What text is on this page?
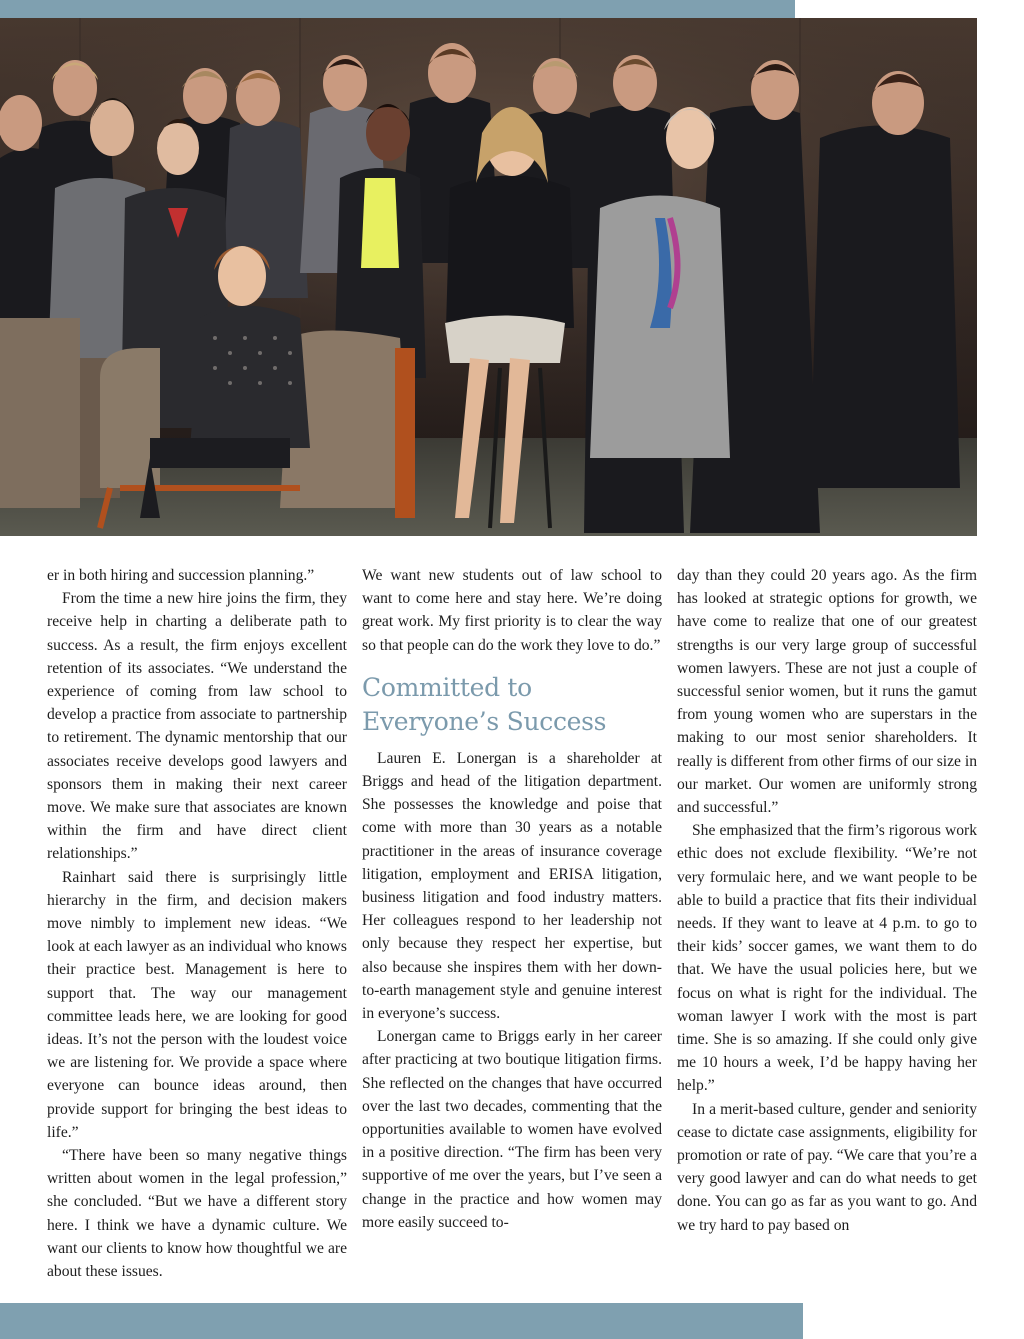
er in both hiring and succession planning.”

From the time a new hire joins the firm, they receive help in charting a deliberate path to success. As a result, the firm enjoys excellent retention of its associates. “We understand the experience of coming from law school to develop a practice from associate to partnership to retirement. The dynamic mentorship that our associates receive develops good lawyers and sponsors them in making their next career move. We make sure that associates are known within the firm and have direct client relationships.”

Rainhart said there is surprisingly little hierarchy in the firm, and decision makers move nimbly to implement new ideas. “We look at each lawyer as an individual who knows their practice best. Management is here to support that. The way our management committee leads here, we are looking for good ideas. It’s not the person with the loudest voice we are listening for. We provide a space where everyone can bounce ideas around, then provide support for bringing the best ideas to life.”

“There have been so many negative things written about women in the legal profession,” she concluded. “But we have a different story here. I think we have a dynamic culture. We want our clients to know how thoughtful we are about these issues.

We want new students out of law school to want to come here and stay here. We’re doing great work. My first priority is to clear the way so that people can do the work they love to do.”

Committed to Everyone’s Success

Lauren E. Lonergan is a shareholder at Briggs and head of the litigation department. She possesses the knowledge and poise that come with more than 30 years as a notable practitioner in the areas of insurance coverage litigation, employment and ERISA litigation, business litigation and food industry matters. Her colleagues respond to her leadership not only because they respect her expertise, but also because she inspires them with her down-to-earth management style and genuine interest in everyone’s success.

Lonergan came to Briggs early in her career after practicing at two boutique litigation firms. She reflected on the changes that have occurred over the last two decades, commenting that the opportunities available to women have evolved in a positive direction. “The firm has been very supportive of me over the years, but I’ve seen a change in the practice and how women may more easily succeed to-

day than they could 20 years ago. As the firm has looked at strategic options for growth, we have come to realize that one of our greatest strengths is our very large group of successful women lawyers. These are not just a couple of successful senior women, but it runs the gamut from young women who are superstars in the making to our most senior shareholders. It really is different from other firms of our size in our market. Our women are uniformly strong and successful.”

She emphasized that the firm’s rigorous work ethic does not exclude flexibility. “We’re not very formulaic here, and we want people to be able to build a practice that fits their individual needs. If they want to leave at 4 p.m. to go to their kids’ soccer games, we want them to do that. We have the usual policies here, but we focus on what is right for the individual. The woman lawyer I work with the most is part time. She is so amazing. If she could only give me 10 hours a week, I’d be happy having her help.”

In a merit-based culture, gender and seniority cease to dictate case assignments, eligibility for promotion or rate of pay. “We care that you’re a very good lawyer and can do what needs to get done. You can go as far as you want to go. And we try hard to pay based on
